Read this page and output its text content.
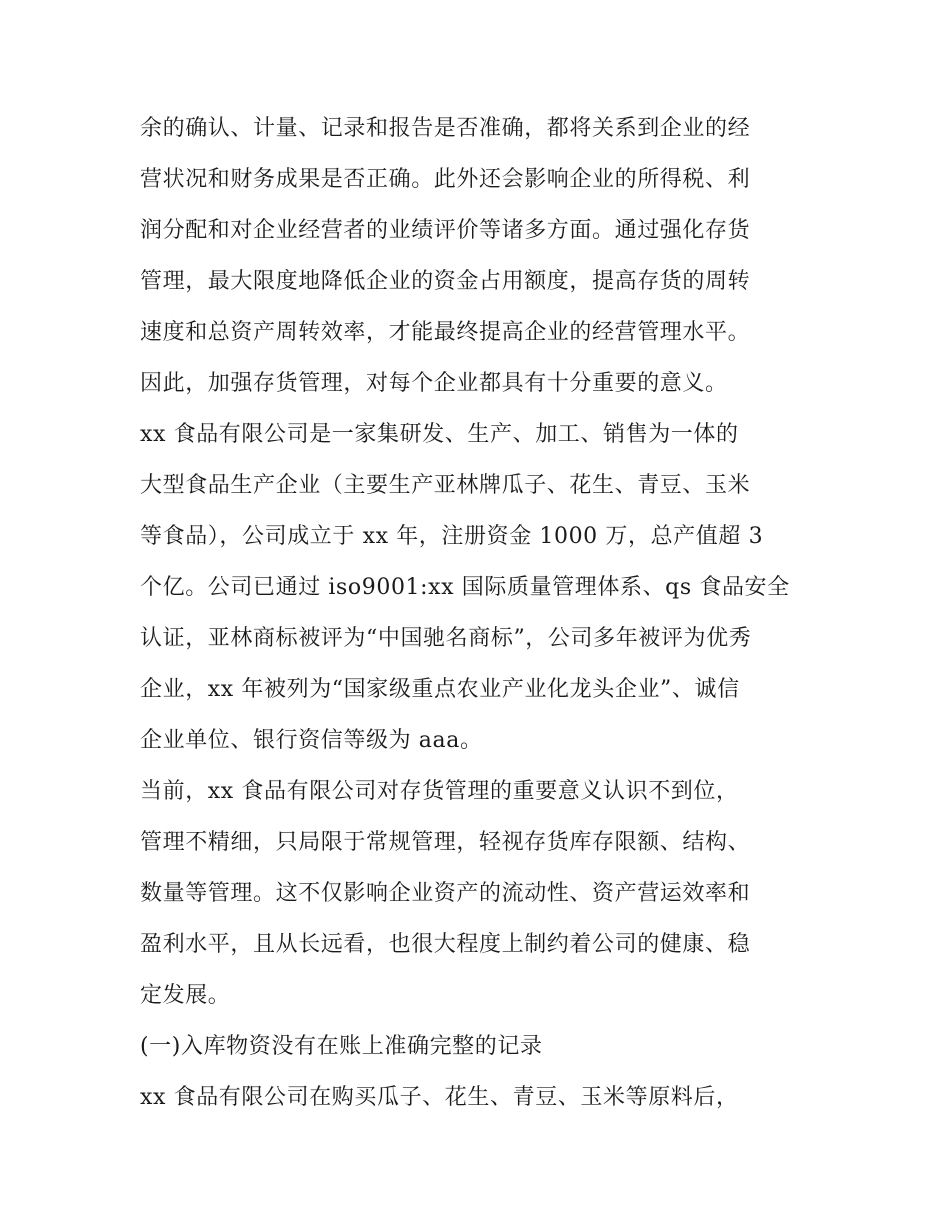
余的确认、计量、记录和报告是否准确，都将关系到企业的经
营状况和财务成果是否正确。此外还会影响企业的所得税、利
润分配和对企业经营者的业绩评价等诸多方面。通过强化存货
管理，最大限度地降低企业的资金占用额度，提高存货的周转
速度和总资产周转效率，才能最终提高企业的经营管理水平。
因此，加强存货管理，对每个企业都具有十分重要的意义。
xx 食品有限公司是一家集研发、生产、加工、销售为一体的
大型食品生产企业（主要生产亚林牌瓜子、花生、青豆、玉米
等食品），公司成立于 xx 年，注册资金 1000 万，总产值超 3
个亿。公司已通过 iso9001:xx 国际质量管理体系、qs 食品安全
认证，亚林商标被评为“中国驰名商标”，公司多年被评为优秀
企业，xx 年被列为“国家级重点农业产业化龙头企业”、诚信
企业单位、银行资信等级为 aaa。
当前，xx 食品有限公司对存货管理的重要意义认识不到位，
管理不精细，只局限于常规管理，轻视存货库存限额、结构、
数量等管理。这不仅影响企业资产的流动性、资产营运效率和
盈利水平，且从长远看，也很大程度上制约着公司的健康、稳
定发展。
(一)入库物资没有在账上准确完整的记录
xx 食品有限公司在购买瓜子、花生、青豆、玉米等原料后，
